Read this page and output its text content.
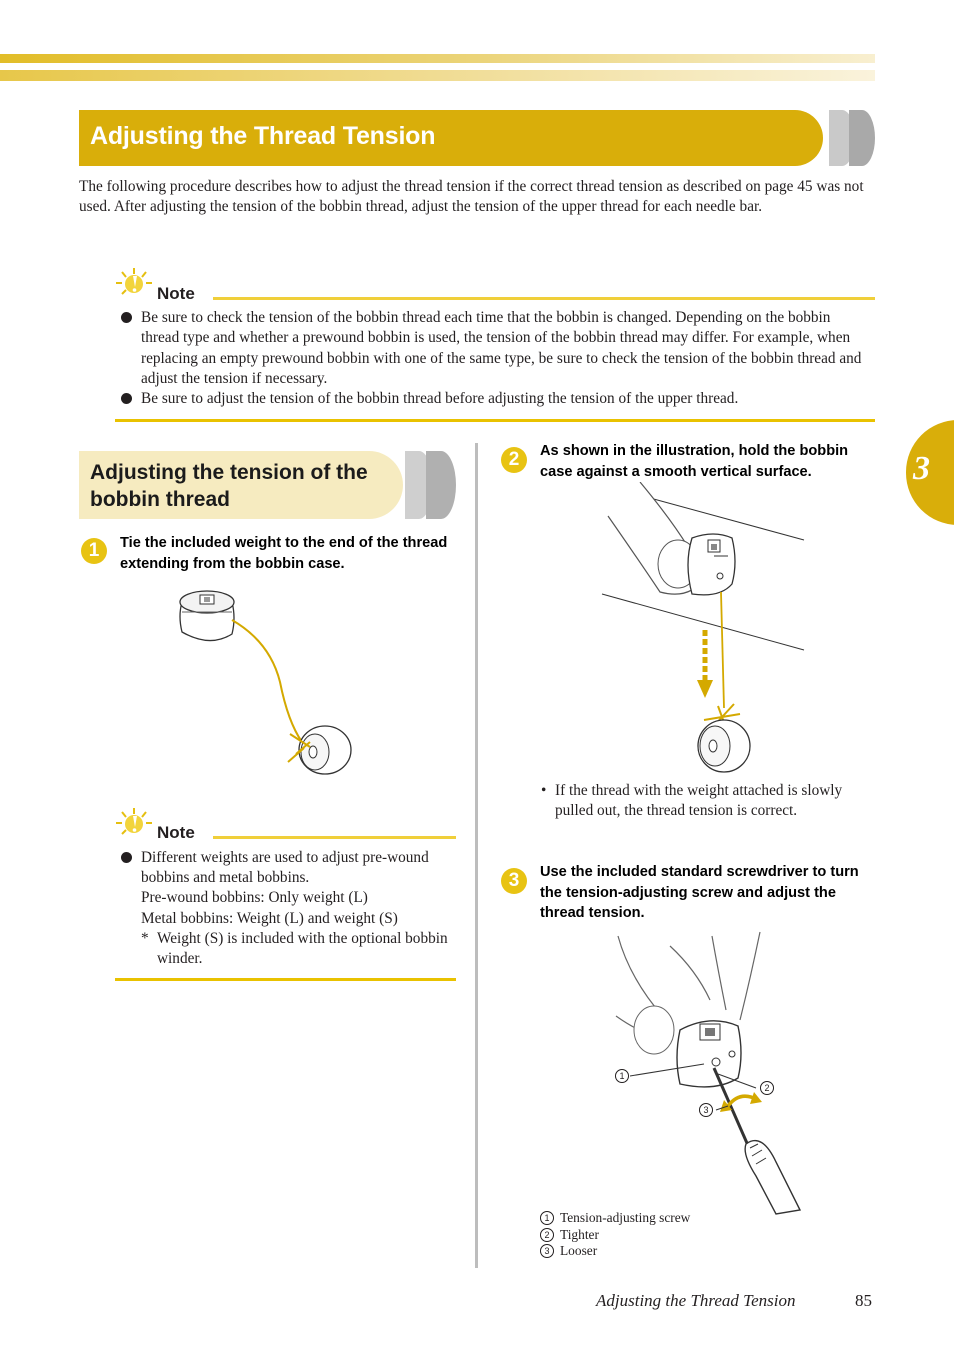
Adjusting the Thread Tension
The following procedure describes how to adjust the thread tension if the correct thread tension as described on page 45 was not used. After adjusting the tension of the bobbin thread, adjust the tension of the upper thread for each needle bar.
3
Note
Be sure to check the tension of the bobbin thread each time that the bobbin is changed. Depending on the bobbin thread type and whether a prewound bobbin is used, the tension of the bobbin thread may differ. For example, when replacing an empty prewound bobbin with one of the same type, be sure to check the tension of the bobbin thread and adjust the tension if necessary.
Be sure to adjust the tension of the bobbin thread before adjusting the tension of the upper thread.
Adjusting the tension of the bobbin thread
1	Tie the included weight to the end of the thread extending from the bobbin case.
Note
Different weights are used to adjust pre-wound bobbins and metal bobbins.
Pre-wound bobbins: Only weight (L)
Metal bobbins: Weight (L) and weight (S)
* Weight (S) is included with the optional bobbin winder.
2	As shown in the illustration, hold the bobbin case against a smooth vertical surface.
• If the thread with the weight attached is slowly pulled out, the thread tension is correct.
3	Use the included standard screwdriver to turn the tension-adjusting screw and adjust the thread tension.
1
2
3
1 Tension-adjusting screw
2 Tighter
3 Looser
Adjusting the Thread Tension	85
